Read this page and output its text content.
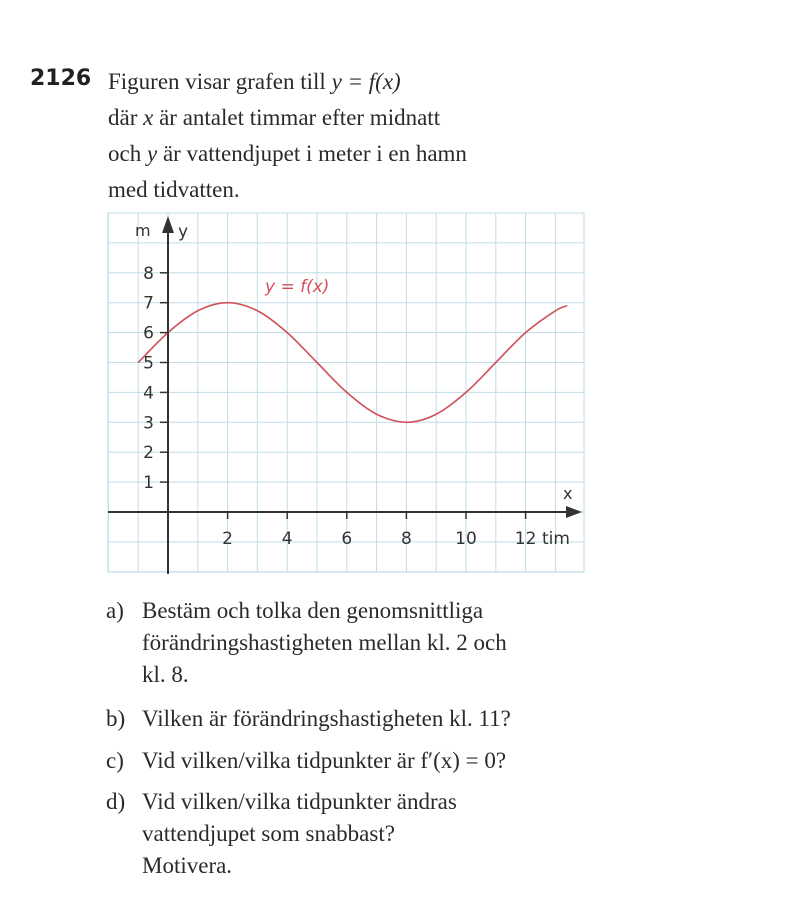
2126 Figuren visar grafen till y = f(x)
där x är antalet timmar efter midnatt
och y är vattendjupet i meter i en hamn
med tidvatten.
y = f(x)
m y
x
tim
2	4	6	8	10 12
1
2
3
4
5
6
7
8
a) Bestäm och tolka den genomsnittliga
förändringshastigheten mellan kl. 2 och
kl. 8.
b) Vilken är förändringshastigheten kl. 11?
c) Vid vilken/vilka tidpunkter är f′(x) = 0?
d) Vid vilken/vilka tidpunkter ändras
vattendjupet som snabbast?
Motivera.
